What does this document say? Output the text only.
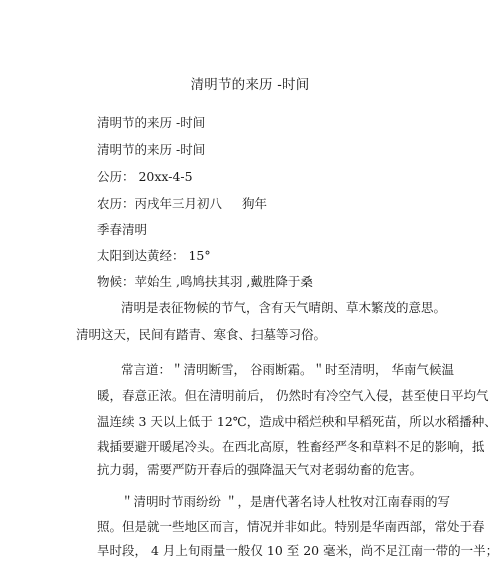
清明节的来历 -时间
清明节的来历 -时间
清明节的来历 -时间
公历： 20xx-4-5
农历：丙戌年三月初八 狗年
季春清明
太阳到达黄经： 15°
物候：苹始生 ,鸣鸠扶其羽 ,戴胜降于桑
清明是表征物候的节气，含有天气晴朗、草木繁茂的意思。
清明这天，民间有踏青、寒食、扫墓等习俗。
常言道：＂清明断雪， 谷雨断霜。＂时至清明， 华南气候温
暖，春意正浓。但在清明前后， 仍然时有冷空气入侵，甚至使日平均气
温连续 3 天以上低于 12℃，造成中稻烂秧和早稻死苗，所以水稻播种、
栽插要避开暖尾冷头。在西北高原，牲畜经严冬和草料不足的影响，抵
抗力弱，需要严防开春后的强降温天气对老弱幼畜的危害。
＂清明时节雨纷纷 ＂，是唐代著名诗人杜牧对江南春雨的写
照。但是就一些地区而言，情况并非如此。特别是华南西部，常处于春
旱时段， 4 月上旬雨量一般仅 10 至 20 毫米，尚不足江南一带的一半；
